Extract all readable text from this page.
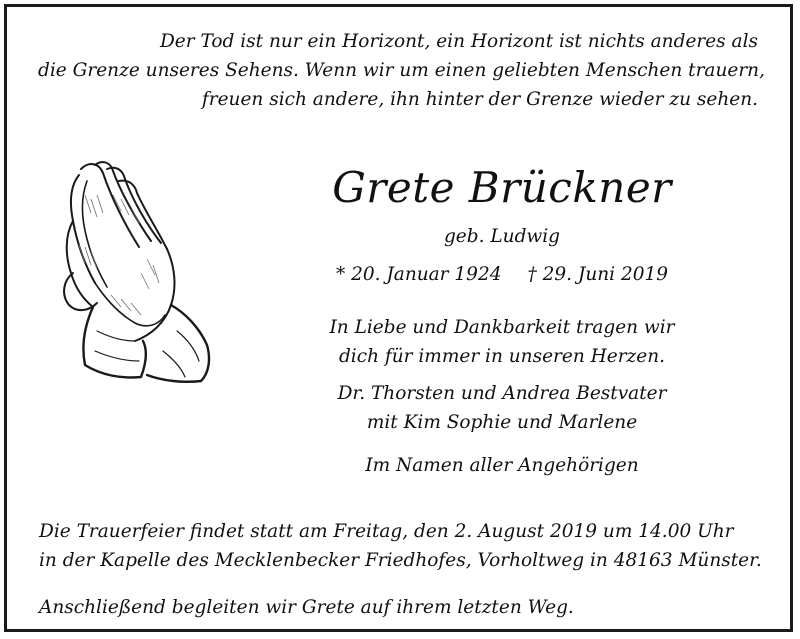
Der Tod ist nur ein Horizont, ein Horizont ist nichts anderes als
die Grenze unseres Sehens. Wenn wir um einen geliebten Menschen trauern,
freuen sich andere, ihn hinter der Grenze wieder zu sehen.
Grete Brückner
geb. Ludwig
* 20. Januar 1924 † 29. Juni 2019
In Liebe und Dankbarkeit tragen wir
dich für immer in unseren Herzen.
Dr. Thorsten und Andrea Bestvater
mit Kim Sophie und Marlene
Im Namen aller Angehörigen
Die Trauerfeier findet statt am Freitag, den 2. August 2019 um 14.00 Uhr
in der Kapelle des Mecklenbecker Friedhofes, Vorholtweg in 48163 Münster.
Anschließend begleiten wir Grete auf ihrem letzten Weg.
